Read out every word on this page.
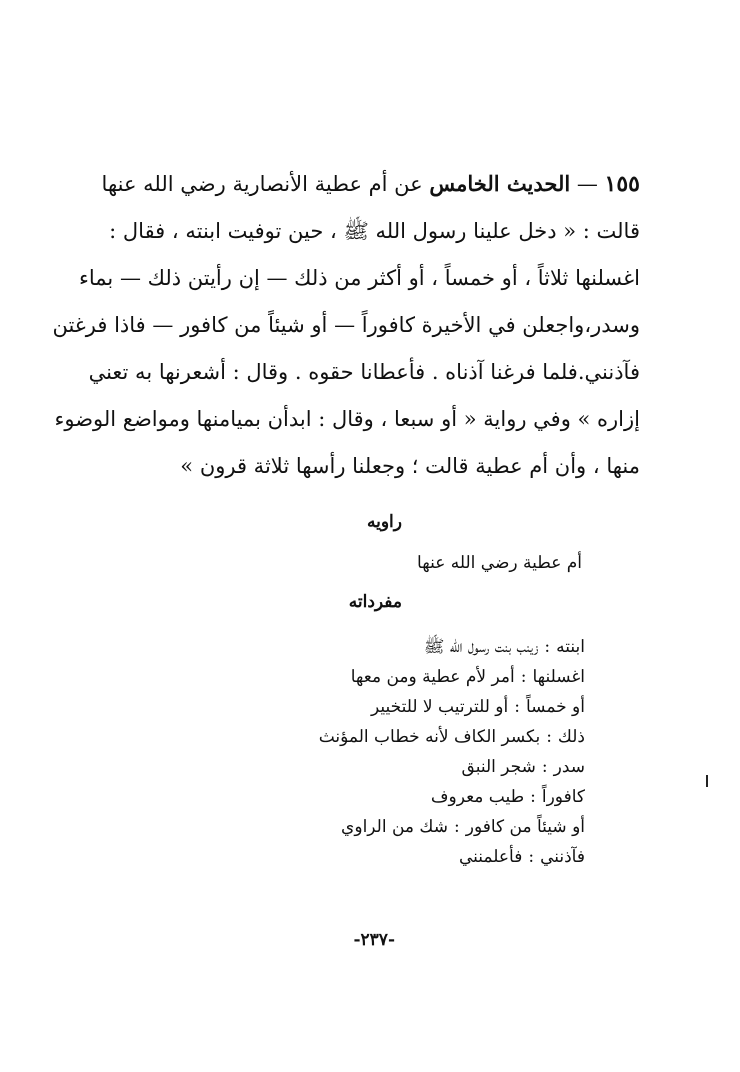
١٥٥ — الحديث الخامس عن أم عطية الأنصارية رضي الله عنها
قالت : « دخل علينا رسول الله ﷺ ، حين توفيت ابنته ، فقال :
اغسلنها ثلاثاً ، أو خمساً ، أو أكثر من ذلك — إن رأيتن ذلك — بماء
وسدر،واجعلن في الأخيرة كافوراً — أو شيئاً من كافور — فاذا فرغتن
فآذنني.فلما فرغنا آذناه . فأعطانا حقوه . وقال : أشعرنها به تعني
إزاره » وفي رواية « أو سبعا ، وقال : ابدأن بميامنها ومواضع الوضوء
منها ، وأن أم عطية قالت ؛ وجعلنا رأسها ثلاثة قرون »
راويه
أم عطية رضي الله عنها
مفرداته
ابنته:زينب بنت رسول الله ﷺ
اغسلنها:أمر لأم عطية ومن معها
أو خمساً:أو للترتيب لا للتخيير
ذلك:بكسر الكاف لأنه خطاب المؤنث
سدر:شجر النبق
كافوراً:طيب معروف
أو شيئاً من كافور:شك من الراوي
فآذنني:فأعلمنني
-٢٣٧-
